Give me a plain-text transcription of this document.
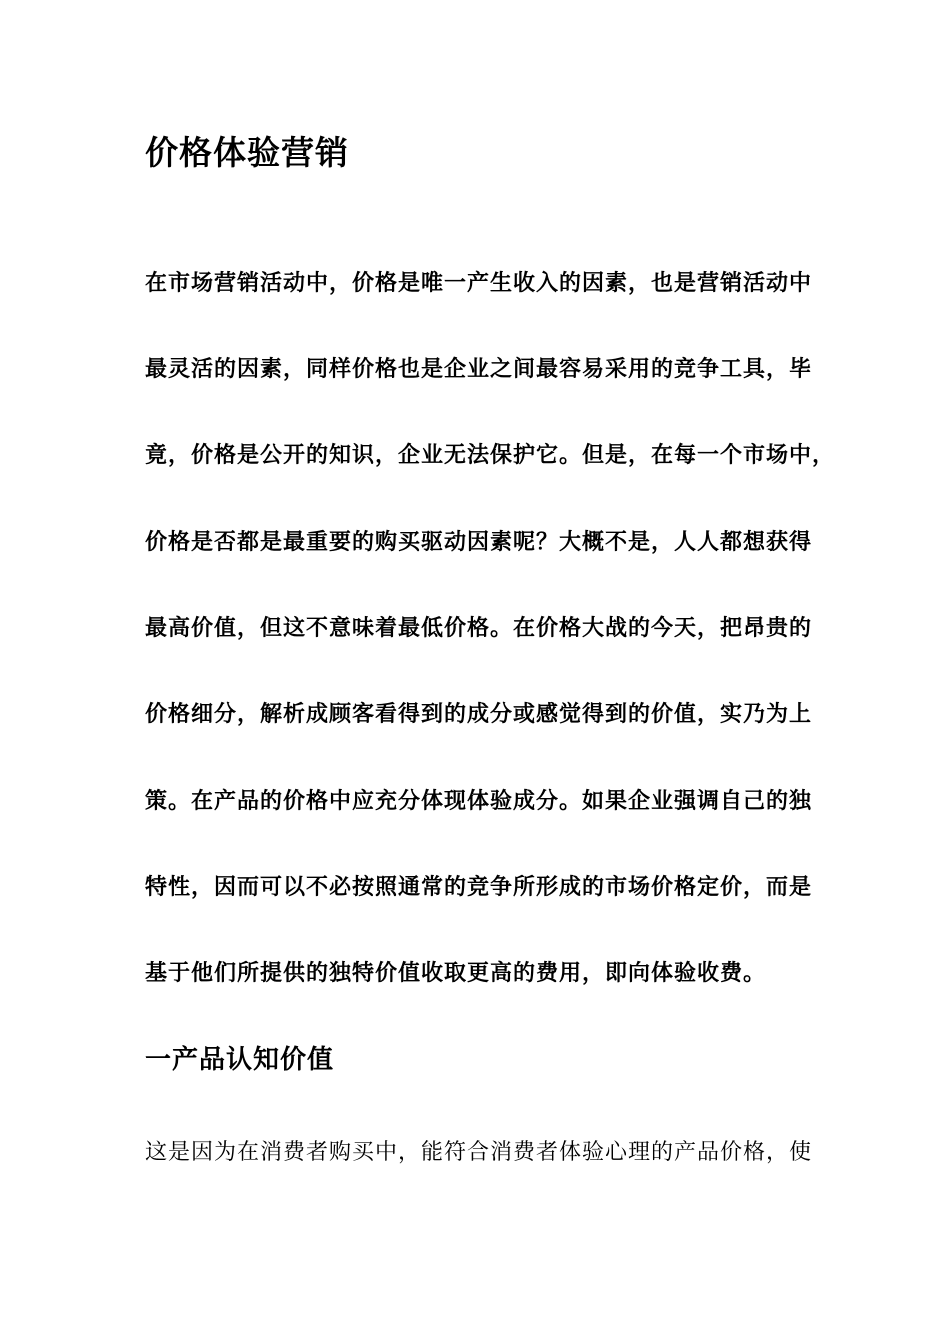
价格体验营销

在市场营销活动中，价格是唯一产生收入的因素，也是营销活动中

最灵活的因素，同样价格也是企业之间最容易采用的竞争工具，毕

竟，价格是公开的知识，企业无法保护它。但是，在每一个市场中，

价格是否都是最重要的购买驱动因素呢？大概不是，人人都想获得

最高价值，但这不意味着最低价格。在价格大战的今天，把昂贵的

价格细分，解析成顾客看得到的成分或感觉得到的价值，实乃为上

策。在产品的价格中应充分体现体验成分。如果企业强调自己的独

特性，因而可以不必按照通常的竞争所形成的市场价格定价，而是

基于他们所提供的独特价值收取更高的费用，即向体验收费。

一产品认知价值

这是因为在消费者购买中，能符合消费者体验心理的产品价格，使
